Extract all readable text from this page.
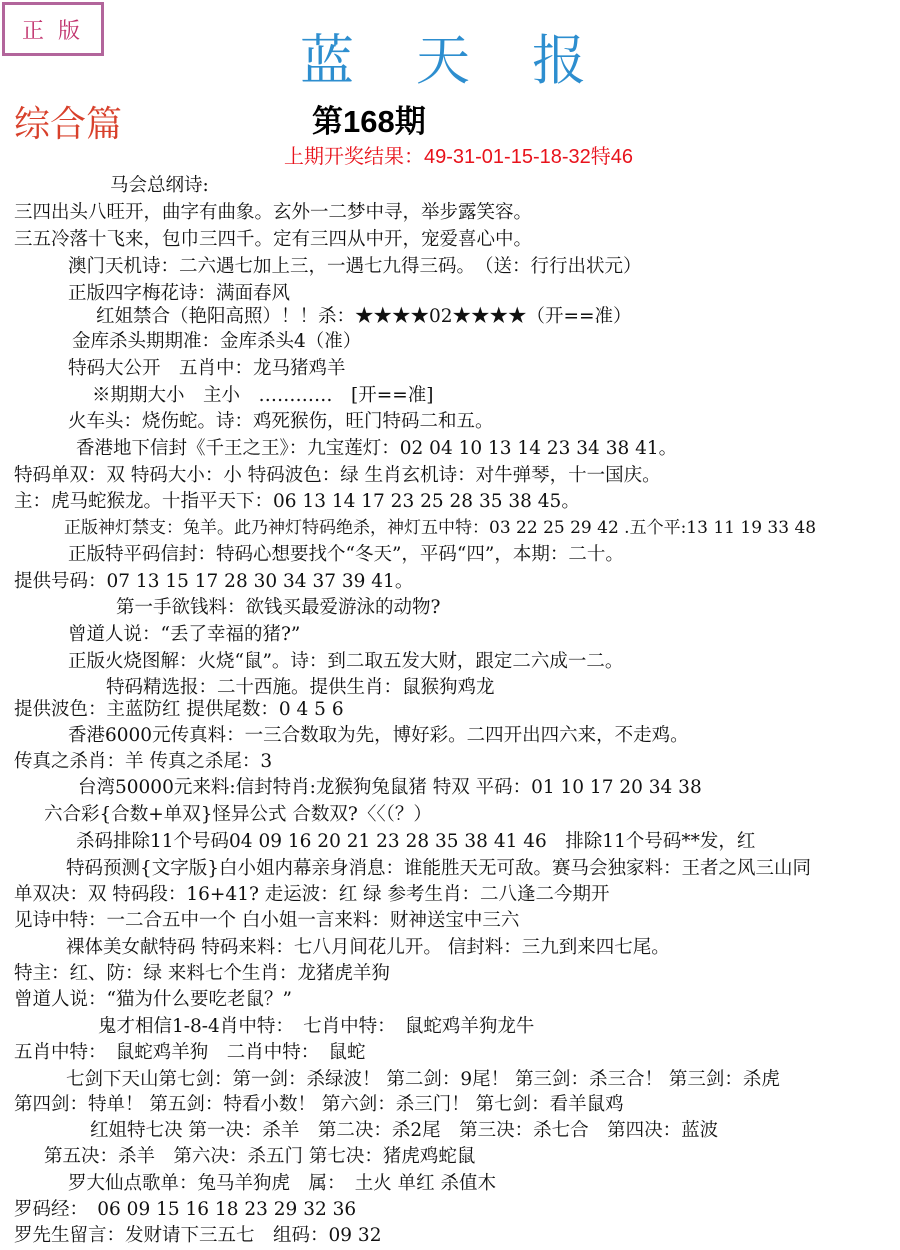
正版	蓝天报
综合篇	第168期
上期开奖结果：49-31-01-15-18-32特46
马会总纲诗:
三四出头八旺开，曲字有曲象。玄外一二梦中寻，举步露笑容。
三五冷落十飞来，包巾三四千。定有三四从中开，宠爱喜心中。
澳门天机诗：二六遇七加上三，一遇七九得三码。　（送：行行出状元）
正版四字梅花诗：满面春风
红姐禁合（艳阳高照）！！杀：★★★★02★★★★（开==准）
金库杀头期期准：金库杀头4（准）
特码大公开　五肖中：龙马猪鸡羊
※期期大小　主小　…………　[开==准]
火车头：烧伤蛇。诗：鸡死猴伤，旺门特码二和五。
香港地下信封《千王之王》：九宝莲灯：02 04 10 13 14 23 34 38 41。
特码单双：双 特码大小：小 特码波色：绿 生肖玄机诗：对牛弹琴，十一国庆。
主：虎马蛇猴龙。十指平天下：06 13 14 17 23 25 28 35 38 45。
正版神灯禁支：兔羊。此乃神灯特码绝杀，神灯五中特：03 22 25 29 42 .五个平:13 11 19 33 48
正版特平码信封：特码心想要找个“冬天”，平码“四”，本期：二十。
提供号码：07 13 15 17 28 30 34 37 39 41。
第一手欲钱料：欲钱买最爱游泳的动物?
曾道人说：“丢了幸福的猪?”
正版火烧图解：火烧“鼠”。诗：到二取五发大财，跟定二六成一二。
特码精选报：二十西施。提供生肖：鼠猴狗鸡龙
提供波色：主蓝防红 提供尾数：0 4 5 6
香港6000元传真料：一三合数取为先，博好彩。二四开出四六来，不走鸡。
传真之杀肖：羊 传真之杀尾：3
台湾50000元来料:信封特肖:龙猴狗兔鼠猪 特双 平码：01 10 17 20 34 38
六合彩{合数+单双}怪异公式 合数双?〈〈（？）
杀码排除11个号码04 09 16 20 21 23 28 35 38 41 46　排除11个号码**发，红
特码预测{文字版}白小姐内幕亲身消息：谁能胜天无可敌。赛马会独家料：王者之风三山同
单双决：双 特码段：16+41? 走运波：红 绿 参考生肖：二八逢二今期开
见诗中特：一二合五中一个 白小姐一言来料：财神送宝中三六
裸体美女献特码 特码来料：七八月间花儿开。 信封料：三九到来四七尾。
特主：红、防：绿 来料七个生肖：龙猪虎羊狗
曾道人说：“猫为什么要吃老鼠？”
鬼才相信1-8-4肖中特：　七肖中特：　鼠蛇鸡羊狗龙牛
五肖中特：　鼠蛇鸡羊狗　二肖中特：　鼠蛇
七剑下天山第七剑：第一剑：杀绿波！ 第二剑：9尾！ 第三剑：杀三合！ 第三剑：杀虎
第四剑：特单！ 第五剑：特看小数！ 第六剑：杀三门！ 第七剑：看羊鼠鸡
红姐特七决 第一决：杀羊　第二决：杀2尾　第三决：杀七合　第四决：蓝波
第五决：杀羊　第六决：杀五门 第七决：猪虎鸡蛇鼠
罗大仙点歌单：兔马羊狗虎　属：　土火 单红 杀值木
罗码经：　06 09 15 16 18 23 29 32 36
罗先生留言：发财请下三五七　组码：09 32
